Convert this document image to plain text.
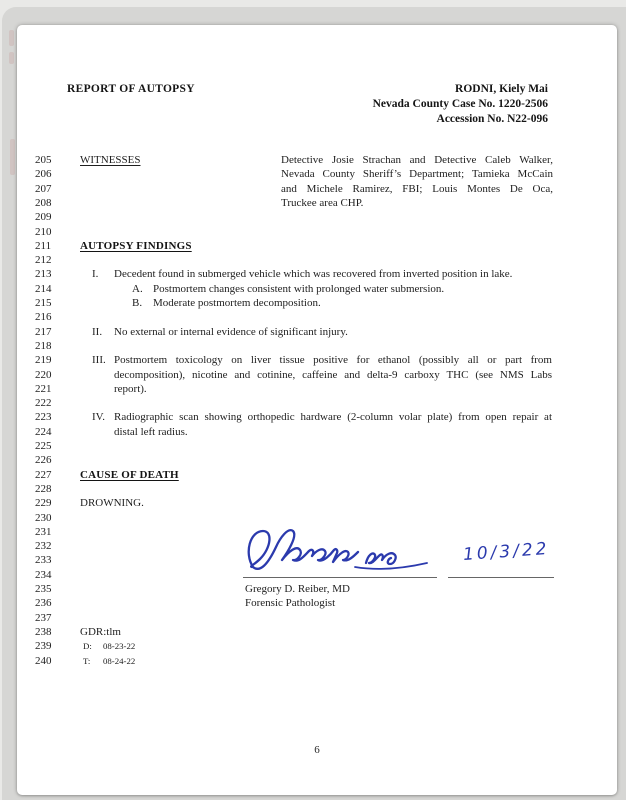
REPORT OF AUTOPSY	RODNI, Kiely Mai
Nevada County Case No. 1220-2506
Accession No. N22-096
205	WITNESSES	Detective Josie Strachan and Detective Caleb Walker,
206	Nevada County Sheriff’s Department; Tamieka McCain
207	and Michele Ramirez, FBI; Louis Montes De Oca,
208	Truckee area CHP.
209
210
211	AUTOPSY FINDINGS
212
213	I. Decedent found in submerged vehicle which was recovered from inverted position in lake.
214	A. Postmortem changes consistent with prolonged water submersion.
215	B. Moderate postmortem decomposition.
216
217	II. No external or internal evidence of significant injury.
218
219	III. Postmortem toxicology on liver tissue positive for ethanol (possibly all or part from
220	decomposition), nicotine and cotinine, caffeine and delta-9 carboxy THC (see NMS Labs
221	report).
222
223	IV. Radiographic scan showing orthopedic hardware (2-column volar plate) from open repair at
224	distal left radius.
225
226
227	CAUSE OF DEATH
228
229	DROWNING.
230
231
232
233
234
235	Gregory D. Reiber, MD
236	Forensic Pathologist
237
238	GDR:tlm
239	D: 08-23-22
240	T: 08-24-22
10/3/22
6
